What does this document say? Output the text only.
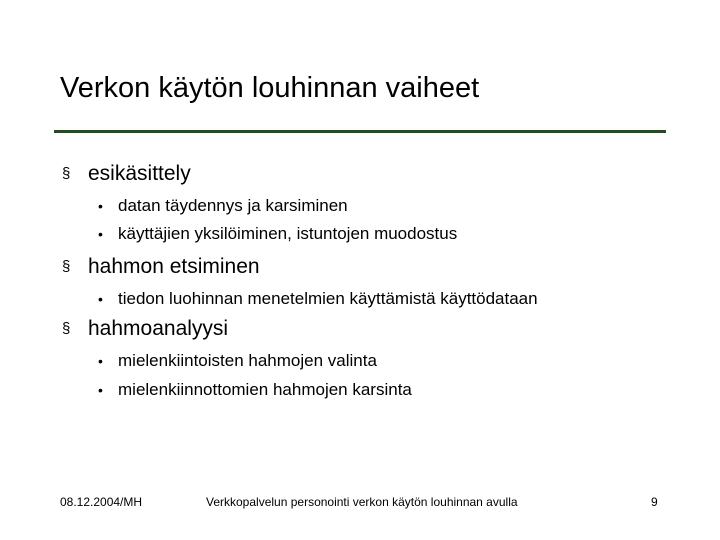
Verkon käytön louhinnan vaiheet
§ esikäsittely
• datan täydennys ja karsiminen
• käyttäjien yksilöiminen, istuntojen muodostus
§ hahmon etsiminen
• tiedon luohinnan menetelmien käyttämistä käyttödataan
§ hahmoanalyysi
• mielenkiintoisten hahmojen valinta
• mielenkiinnottomien hahmojen karsinta
08.12.2004/MH	Verkkopalvelun personointi verkon käytön louhinnan avulla	9
